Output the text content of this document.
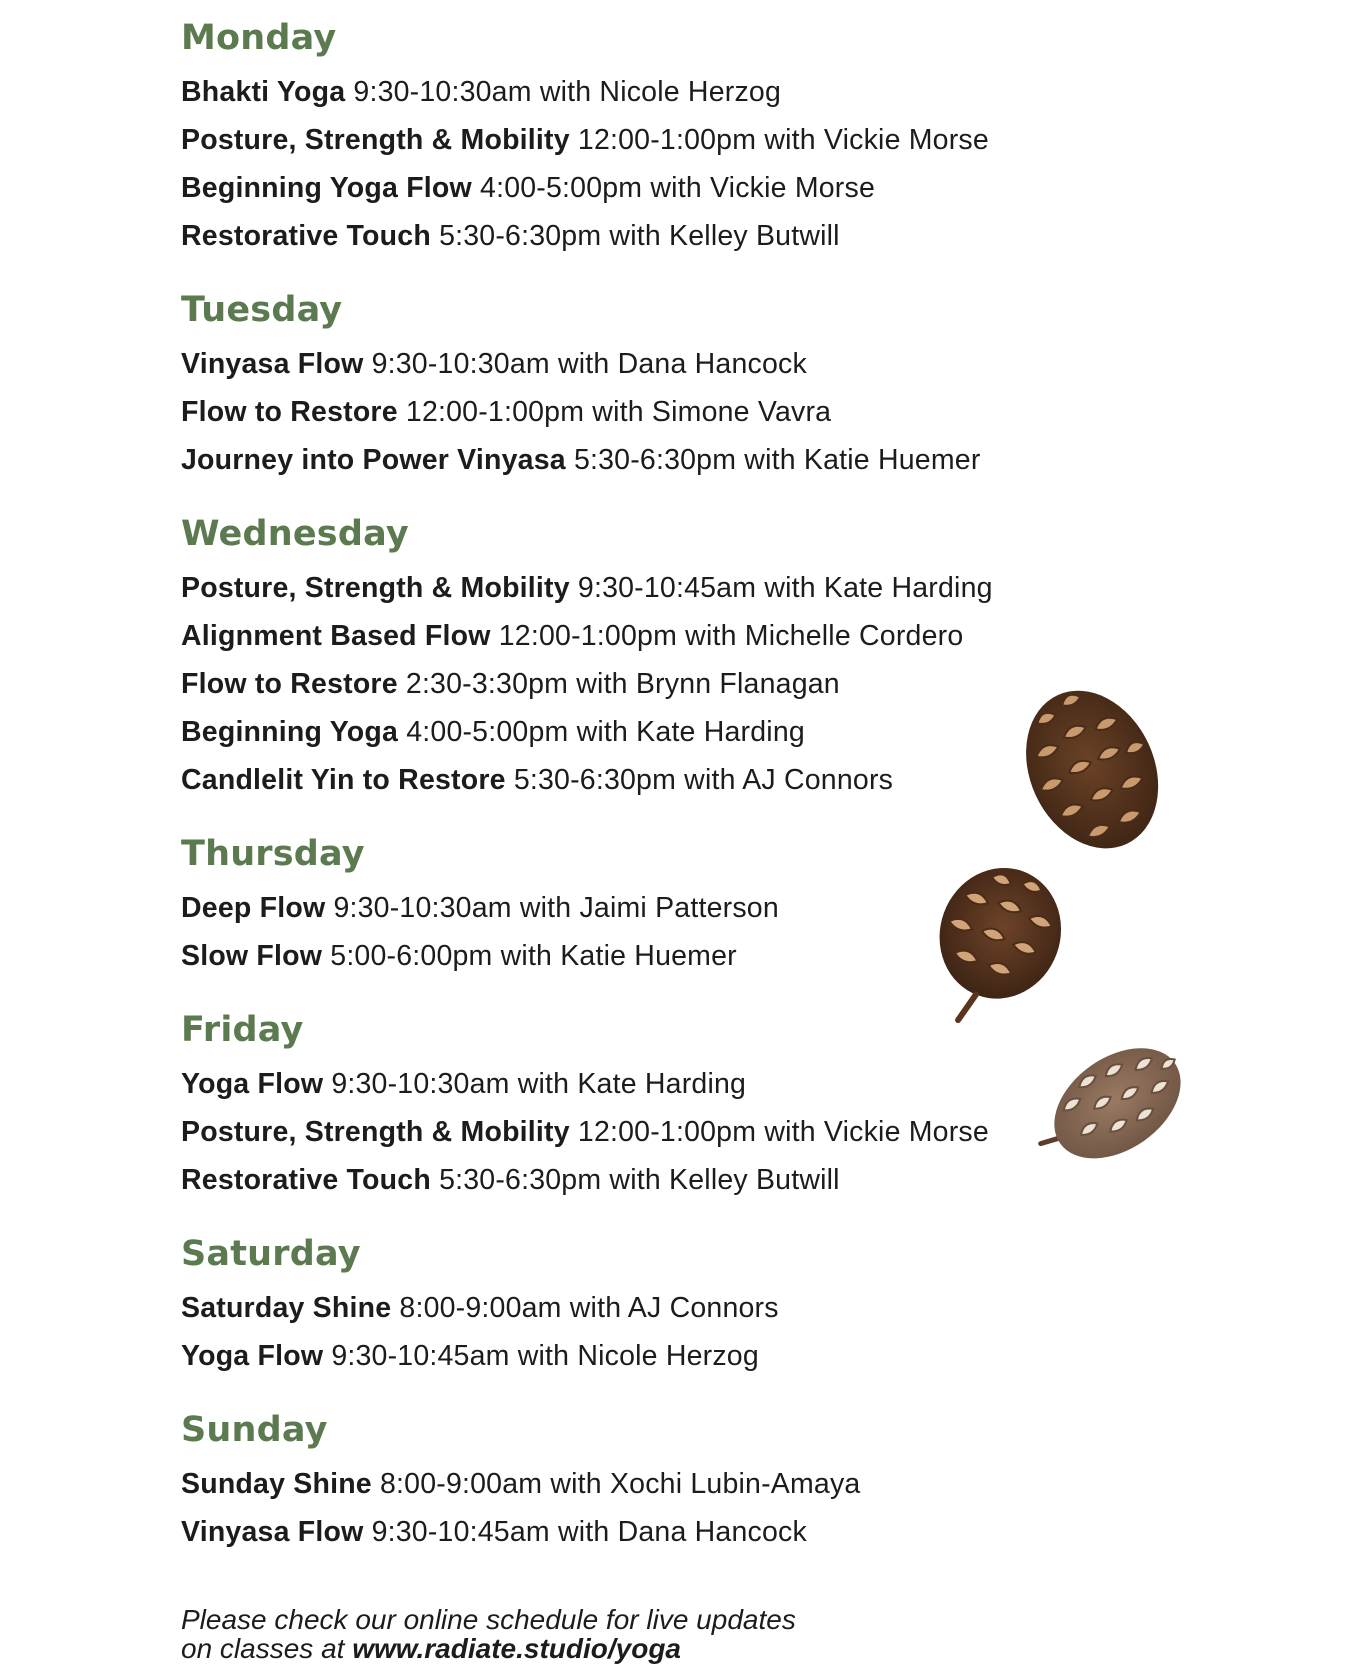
Monday
Bhakti Yoga 9:30-10:30am with Nicole Herzog
Posture, Strength & Mobility 12:00-1:00pm with Vickie Morse
Beginning Yoga Flow 4:00-5:00pm with Vickie Morse
Restorative Touch 5:30-6:30pm with Kelley Butwill
Tuesday
Vinyasa Flow 9:30-10:30am with Dana Hancock
Flow to Restore 12:00-1:00pm with Simone Vavra
Journey into Power Vinyasa 5:30-6:30pm with Katie Huemer
Wednesday
Posture, Strength & Mobility 9:30-10:45am with Kate Harding
Alignment Based Flow 12:00-1:00pm with Michelle Cordero
Flow to Restore 2:30-3:30pm with Brynn Flanagan
Beginning Yoga 4:00-5:00pm with Kate Harding
Candlelit Yin to Restore 5:30-6:30pm with AJ Connors
Thursday
Deep Flow 9:30-10:30am with Jaimi Patterson
Slow Flow 5:00-6:00pm with Katie Huemer
Friday
Yoga Flow 9:30-10:30am with Kate Harding
Posture, Strength & Mobility 12:00-1:00pm with Vickie Morse
Restorative Touch 5:30-6:30pm with Kelley Butwill
Saturday
Saturday Shine 8:00-9:00am with AJ Connors
Yoga Flow 9:30-10:45am with Nicole Herzog
Sunday
Sunday Shine 8:00-9:00am with Xochi Lubin-Amaya
Vinyasa Flow 9:30-10:45am with Dana Hancock
Please check our online schedule for live updates
on classes at www.radiate.studio/yoga
